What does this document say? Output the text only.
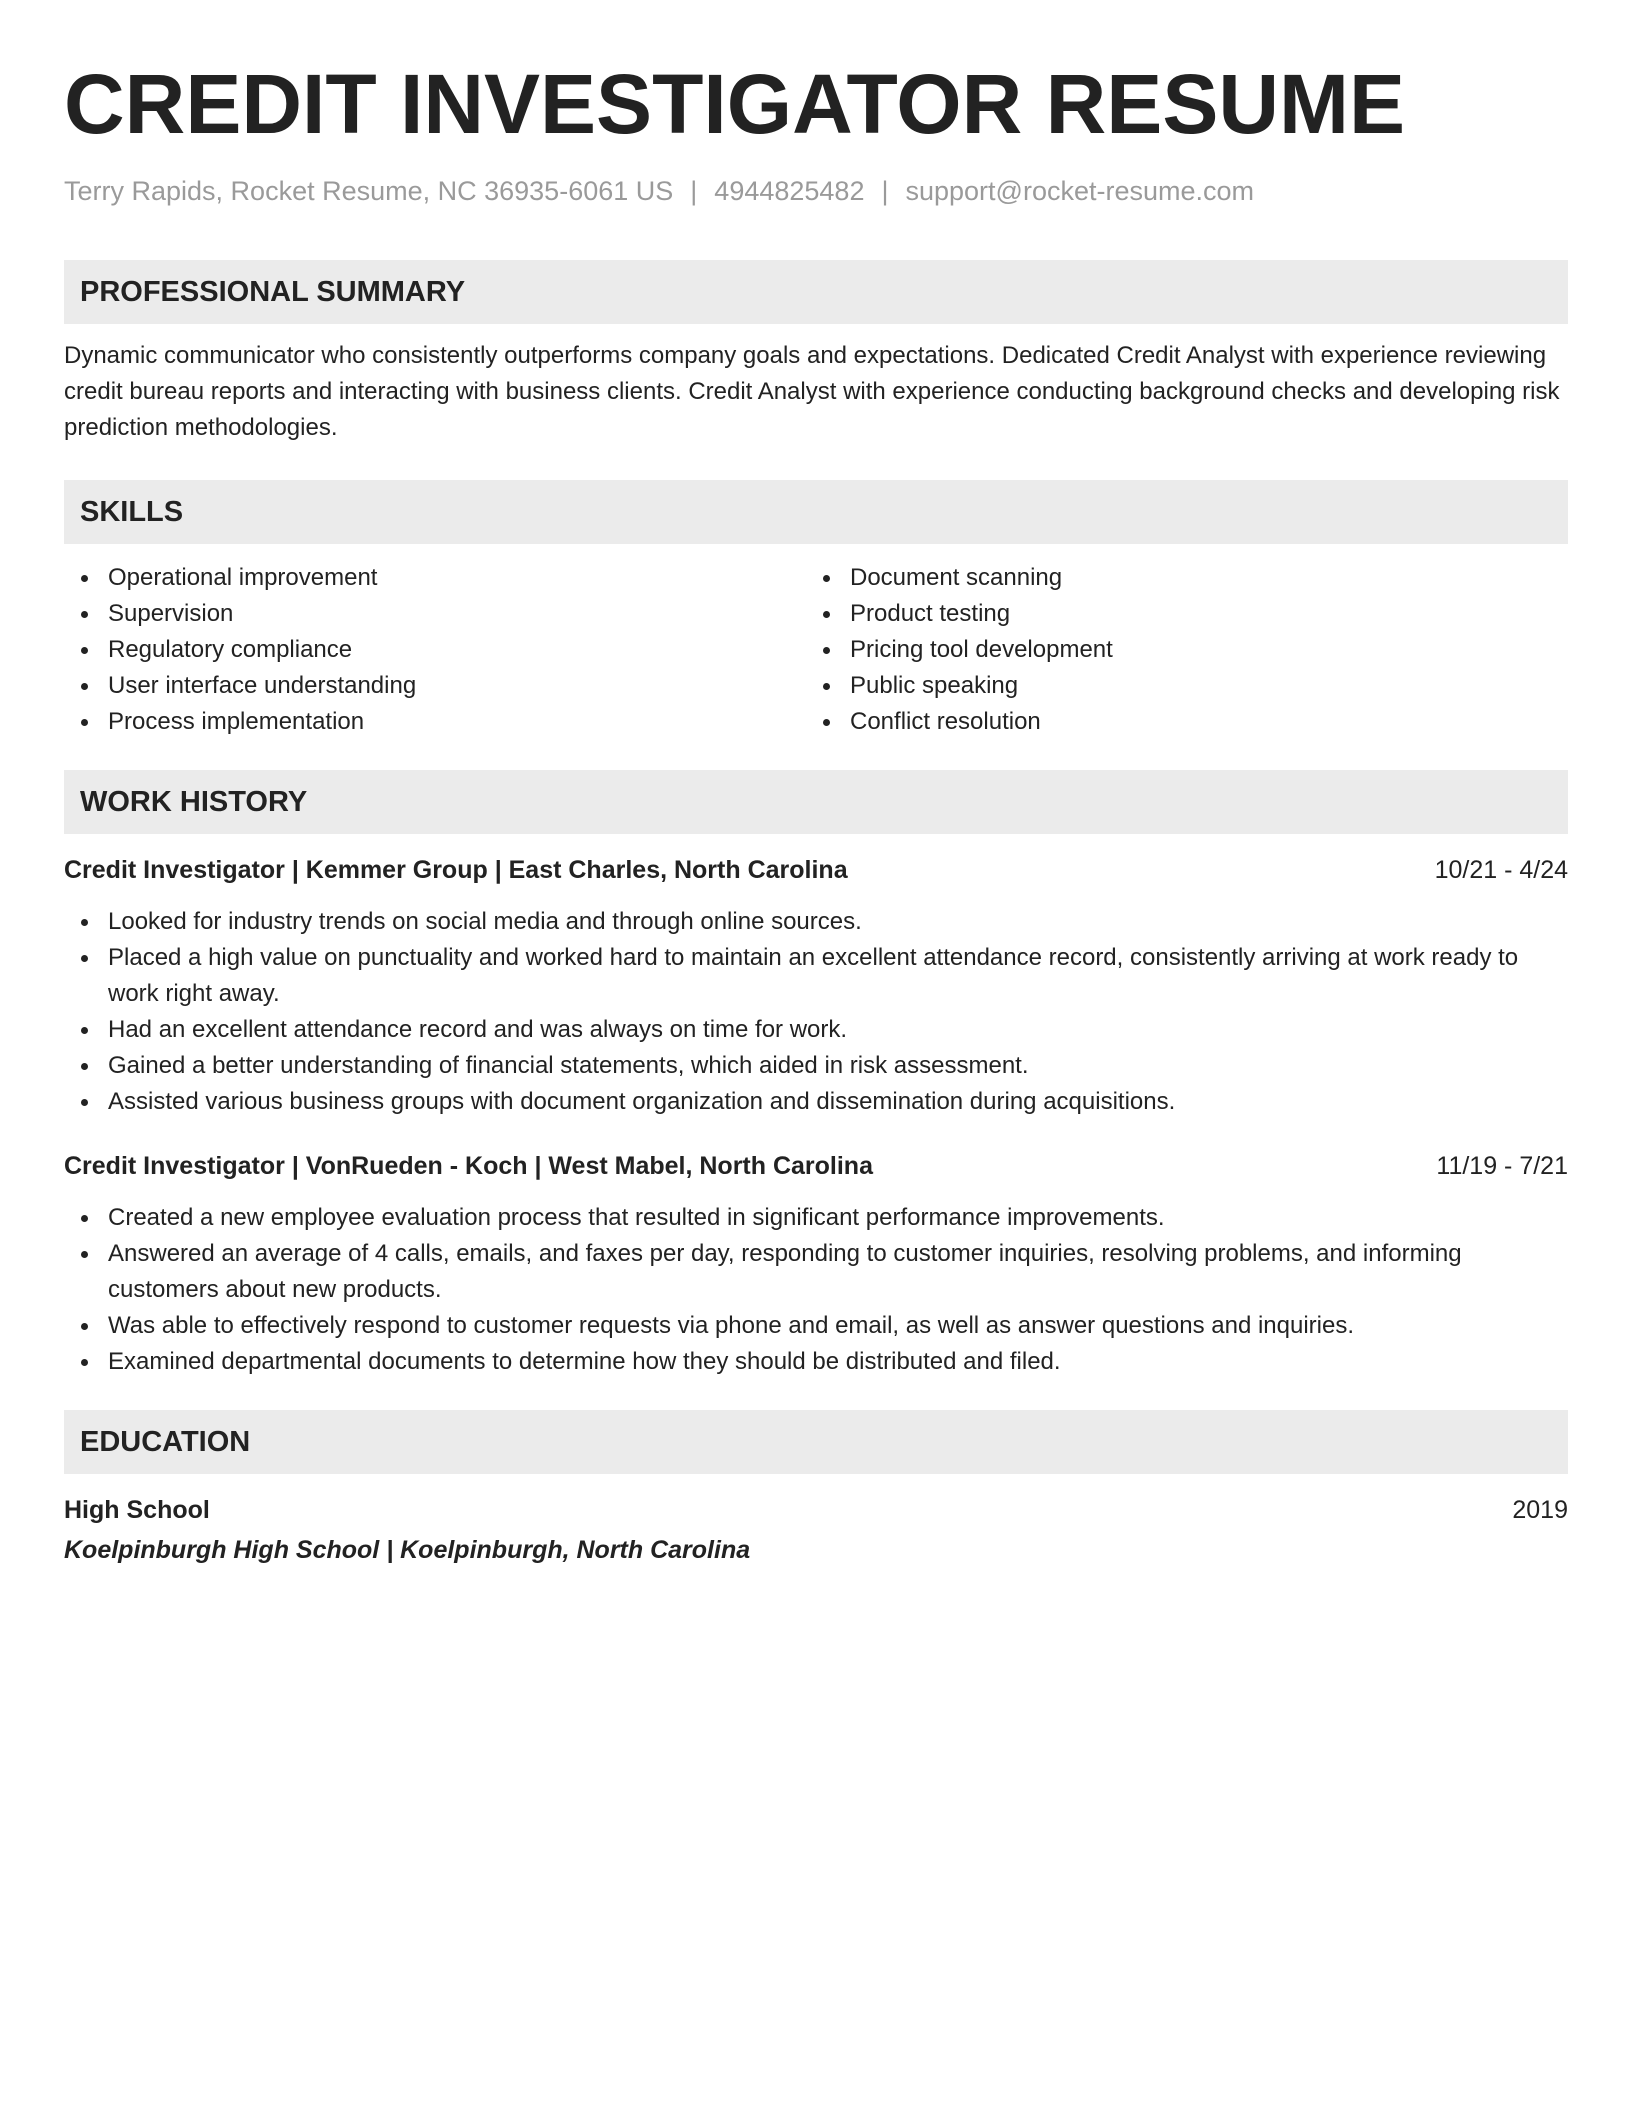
CREDIT INVESTIGATOR RESUME
Terry Rapids, Rocket Resume, NC 36935-6061 US | 4944825482 | support@rocket-resume.com
PROFESSIONAL SUMMARY
Dynamic communicator who consistently outperforms company goals and expectations. Dedicated Credit Analyst with experience reviewing credit bureau reports and interacting with business clients. Credit Analyst with experience conducting background checks and developing risk prediction methodologies.
SKILLS
Operational improvement
Supervision
Regulatory compliance
User interface understanding
Process implementation
Document scanning
Product testing
Pricing tool development
Public speaking
Conflict resolution
WORK HISTORY
Credit Investigator | Kemmer Group | East Charles, North Carolina	10/21 - 4/24
Looked for industry trends on social media and through online sources.
Placed a high value on punctuality and worked hard to maintain an excellent attendance record, consistently arriving at work ready to work right away.
Had an excellent attendance record and was always on time for work.
Gained a better understanding of financial statements, which aided in risk assessment.
Assisted various business groups with document organization and dissemination during acquisitions.
Credit Investigator | VonRueden - Koch | West Mabel, North Carolina	11/19 - 7/21
Created a new employee evaluation process that resulted in significant performance improvements.
Answered an average of 4 calls, emails, and faxes per day, responding to customer inquiries, resolving problems, and informing customers about new products.
Was able to effectively respond to customer requests via phone and email, as well as answer questions and inquiries.
Examined departmental documents to determine how they should be distributed and filed.
EDUCATION
High School	2019
Koelpinburgh High School | Koelpinburgh, North Carolina
